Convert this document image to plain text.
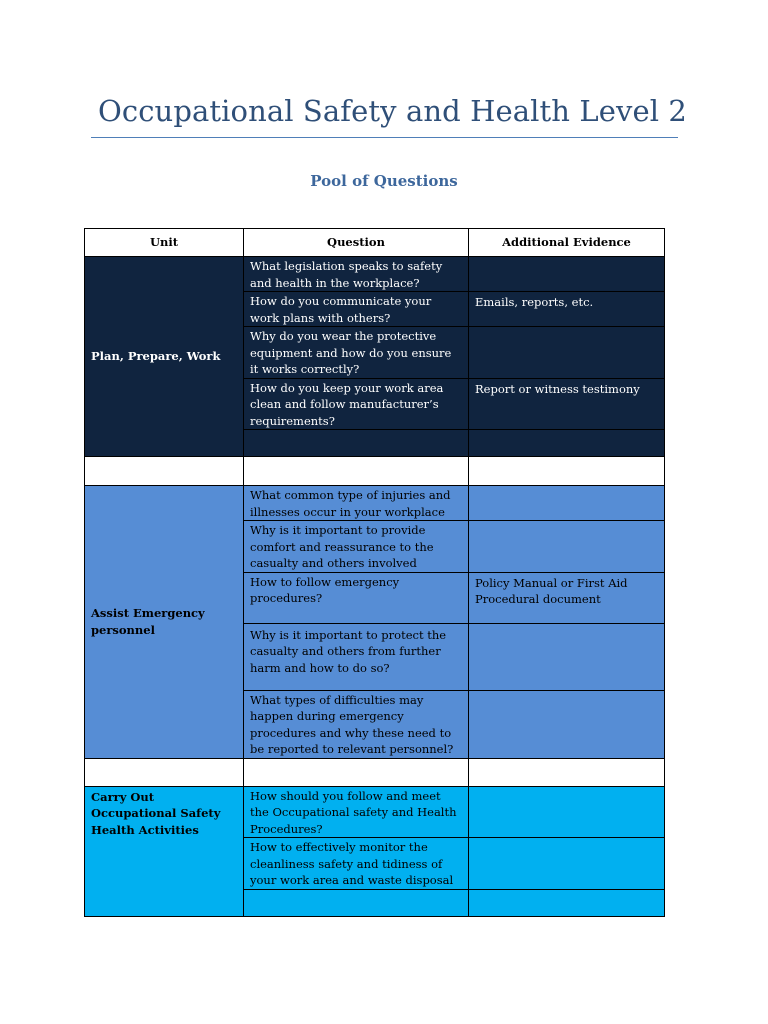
Occupational Safety and Health Level 2
Pool of Questions
Unit	Question	Additional Evidence
Plan, Prepare, Work	What legislation speaks to safety and health in the workplace?	
	How do you communicate your work plans with others?	Emails, reports, etc.
	Why do you wear the protective equipment and how do you ensure it works correctly?	
	How do you keep your work area clean and follow manufacturer’s requirements?	Report or witness testimony

Assist Emergency personnel	What common type of injuries and illnesses occur in your workplace	
	Why is it important to provide comfort and reassurance to the casualty and others involved	
	How to follow emergency procedures?	Policy Manual or First Aid Procedural document
	Why is it important to protect the casualty and others from further harm and how to do so?	
	What types of difficulties may happen during emergency procedures and why these need to be reported to relevant personnel?	

Carry Out Occupational Safety Health Activities	How should you follow and meet the Occupational safety and Health Procedures?	
	How to effectively monitor the cleanliness safety and tidiness of your work area and waste disposal	
